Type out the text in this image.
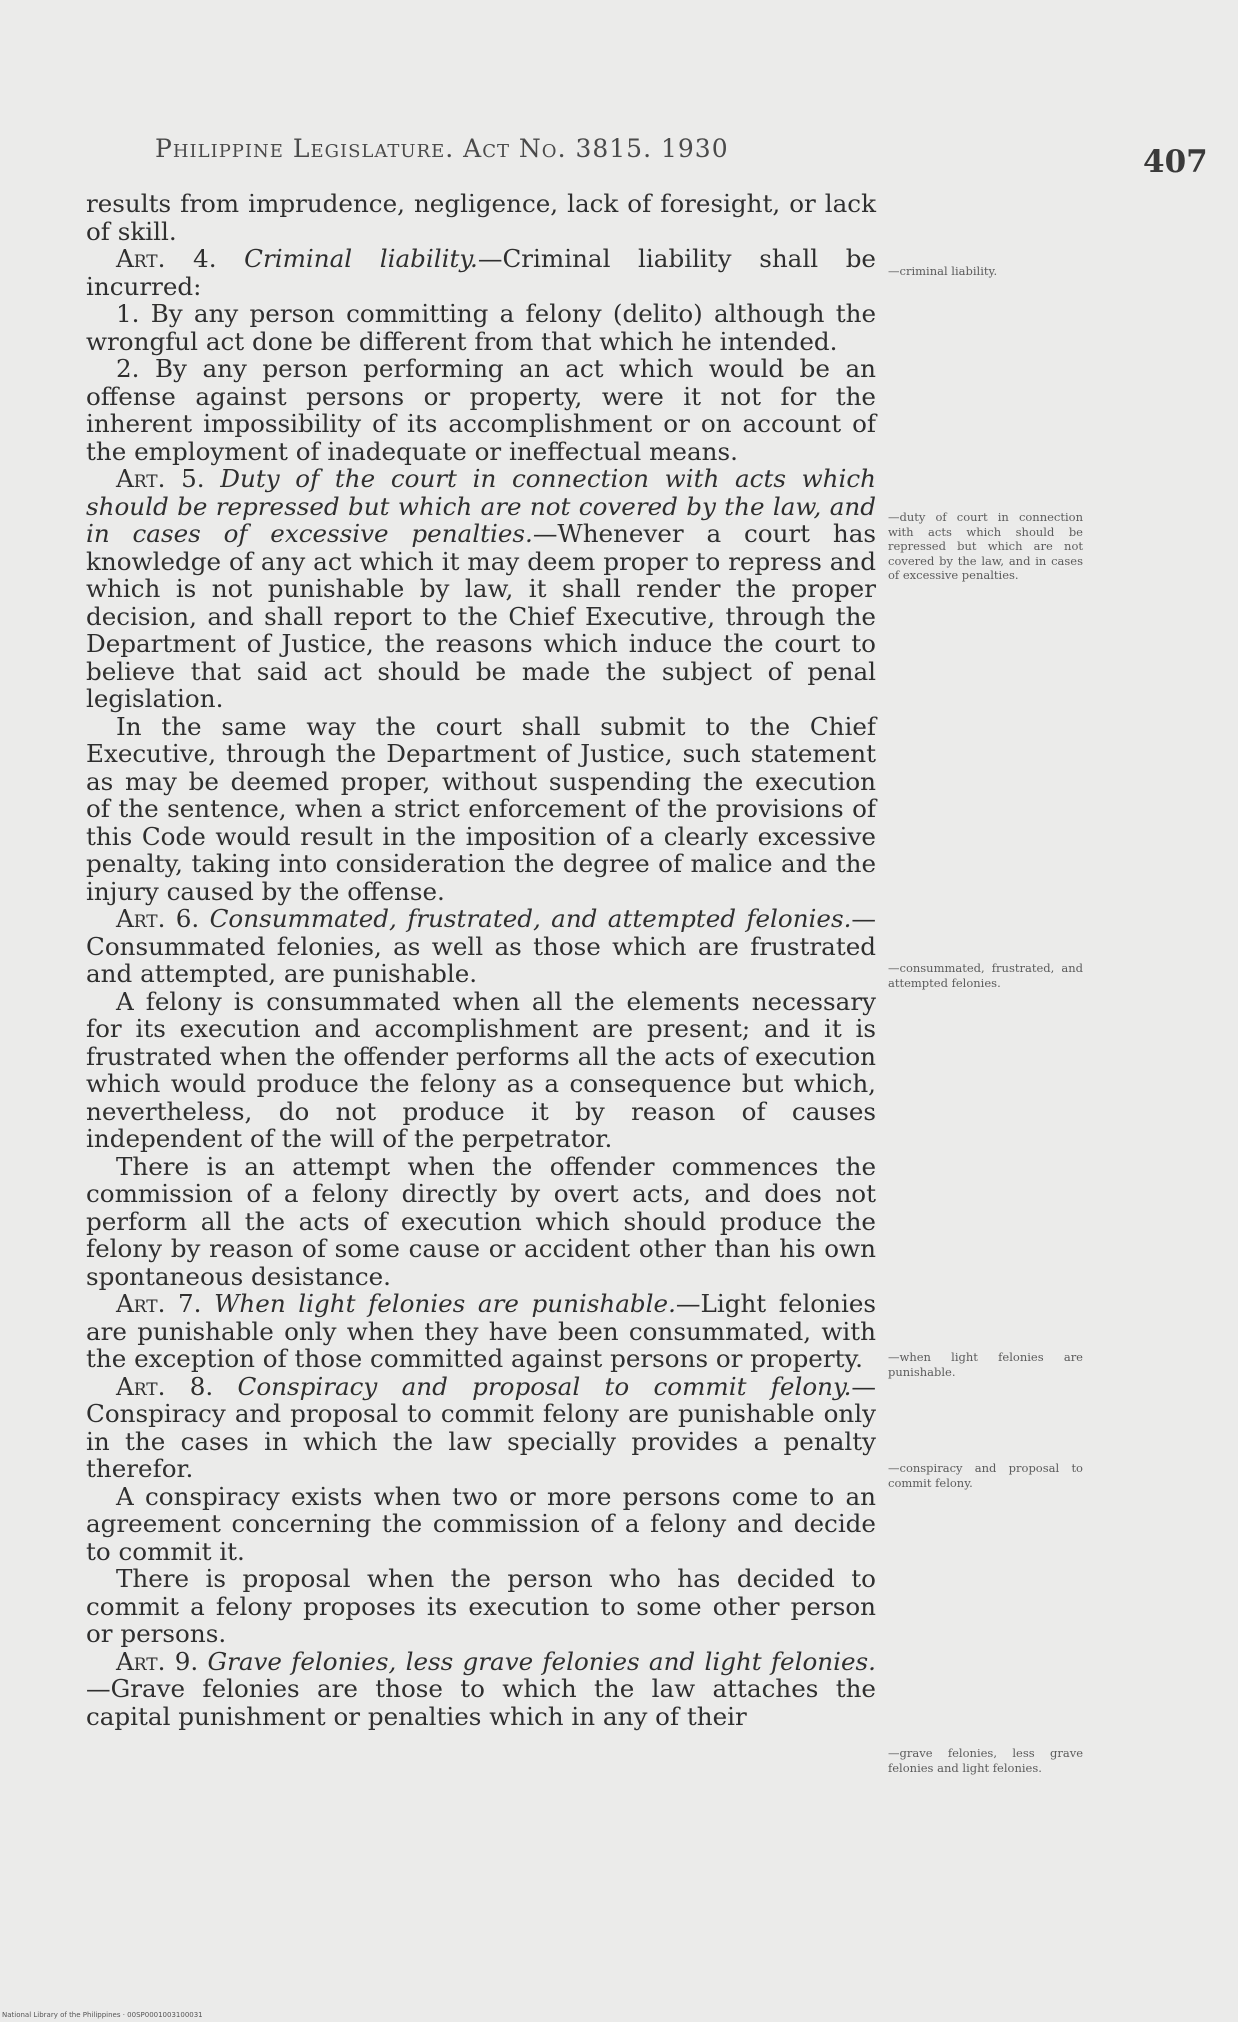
Philippine Legislature. Act No. 3815. 1930	407

results from imprudence, negligence, lack of foresight, or lack of skill.

Art. 4. Criminal liability.—Criminal liability shall be incurred:

1. By any person committing a felony (delito) although the wrongful act done be different from that which he intended.

2. By any person performing an act which would be an offense against persons or property, were it not for the inherent impossibility of its accomplishment or on account of the employment of inadequate or ineffectual means.

Art. 5. Duty of the court in connection with acts which should be repressed but which are not covered by the law, and in cases of excessive penalties.—Whenever a court has knowledge of any act which it may deem proper to repress and which is not punishable by law, it shall render the proper decision, and shall report to the Chief Executive, through the Department of Justice, the reasons which induce the court to believe that said act should be made the subject of penal legislation.

In the same way the court shall submit to the Chief Executive, through the Department of Justice, such statement as may be deemed proper, without suspending the execution of the sentence, when a strict enforcement of the provisions of this Code would result in the imposition of a clearly excessive penalty, taking into consideration the degree of malice and the injury caused by the offense.

Art. 6. Consummated, frustrated, and attempted felonies.—Consummated felonies, as well as those which are frustrated and attempted, are punishable.

A felony is consummated when all the elements necessary for its execution and accomplishment are present; and it is frustrated when the offender performs all the acts of execution which would produce the felony as a consequence but which, nevertheless, do not produce it by reason of causes independent of the will of the perpetrator.

There is an attempt when the offender commences the commission of a felony directly by overt acts, and does not perform all the acts of execution which should produce the felony by reason of some cause or accident other than his own spontaneous desistance.

Art. 7. When light felonies are punishable.—Light felonies are punishable only when they have been consummated, with the exception of those committed against persons or property.

Art. 8. Conspiracy and proposal to commit felony.—Conspiracy and proposal to commit felony are punishable only in the cases in which the law specially provides a penalty therefor.

A conspiracy exists when two or more persons come to an agreement concerning the commission of a felony and decide to commit it.

There is proposal when the person who has decided to commit a felony proposes its execution to some other person or persons.

Art. 9. Grave felonies, less grave felonies and light felonies.—Grave felonies are those to which the law attaches the capital punishment or penalties which in any of their

—criminal liability.
—duty of court in connection with acts which should be repressed but which are not covered by the law, and in cases of excessive penalties.
—consummated, frustrated, and attempted felonies.
—when light felonies are punishable.
—conspiracy and proposal to commit felony.
—grave felonies, less grave felonies and light felonies.
National Library of the Philippines · 00SP0001003100031
